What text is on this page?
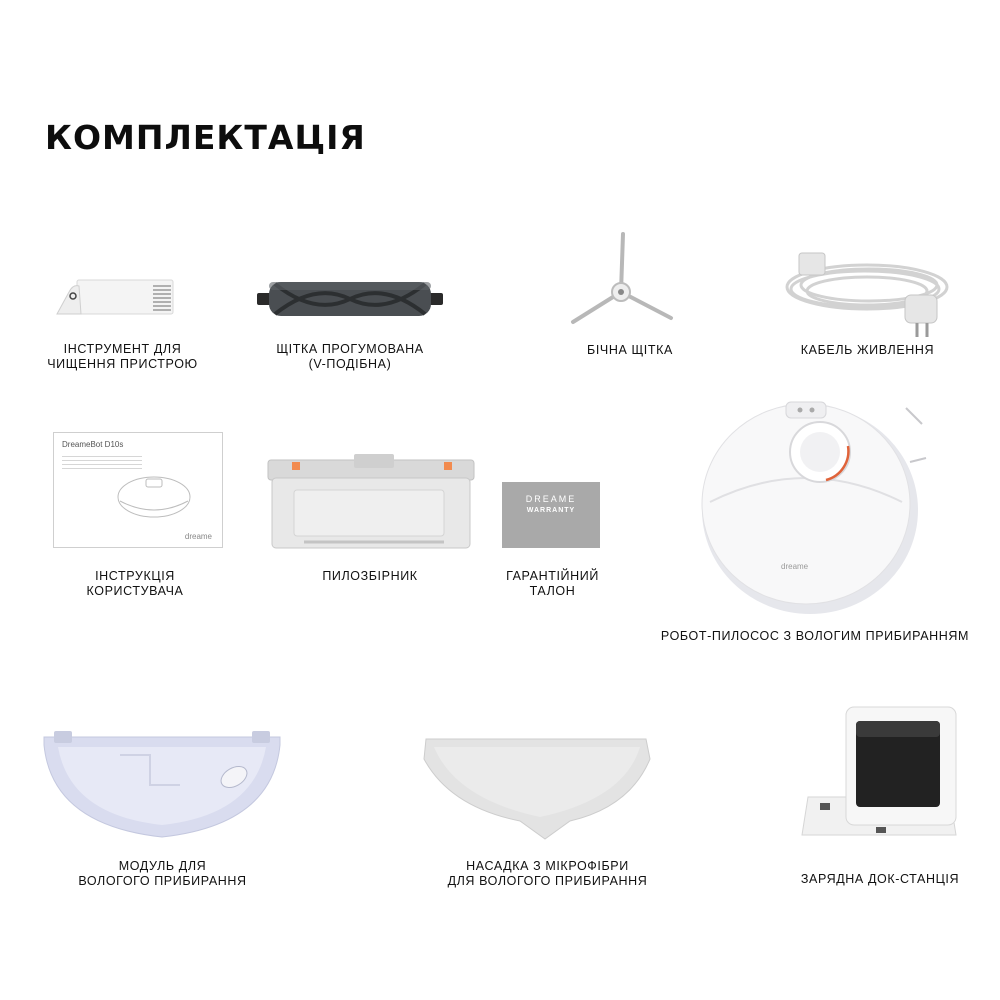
КОМПЛЕКТАЦІЯ
ІНСТРУМЕНТ ДЛЯ
ЧИЩЕННЯ ПРИСТРОЮ
ЩІТКА ПРОГУМОВАНА
(V-ПОДІБНА)
БІЧНА ЩІТКА	КАБЕЛЬ ЖИВЛЕННЯ
DreameBot D10s
dreame
ІНСТРУКЦІЯ
КОРИСТУВАЧА
ПИЛОЗБІРНИК
DREAME
WARRANTY
ГАРАНТІЙНИЙ
ТАЛОН
dreame
РОБОТ-ПИЛОСОС З ВОЛОГИМ ПРИБИРАННЯМ
МОДУЛЬ ДЛЯ
ВОЛОГОГО ПРИБИРАННЯ
НАСАДКА З МІКРОФІБРИ
ДЛЯ ВОЛОГОГО ПРИБИРАННЯ	ЗАРЯДНА ДОК-СТАНЦІЯ
